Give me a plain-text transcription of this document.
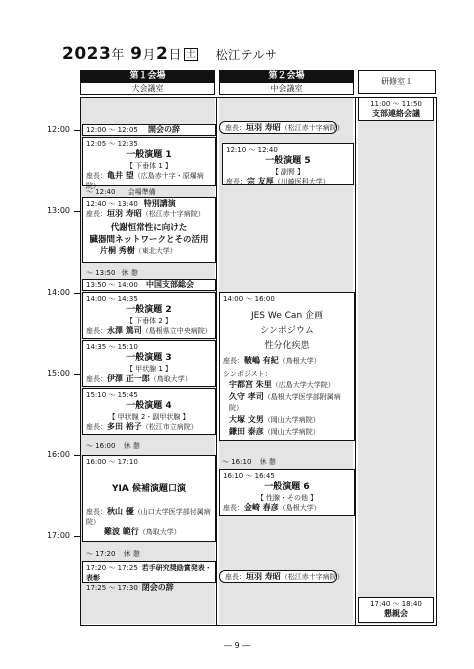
2023年 9月2日 土 松江テルサ
第１会場
大会議室
第２会場
中会議室
研修室１
12:00
13:00
14:00
15:00
16:00
17:00
12:00 ～ 12:05 開会の辞
12:05 ～ 12:35
一般演題 1
【 下垂体 1 】
座長：亀井 望（広島赤十字・原爆病院）
～ 12:40 会場準備
12:40 ～ 13:40 特別講演
座長：垣羽 寿昭（松江赤十字病院）
代謝恒常性に向けた
臓器間ネットワークとその活用
片桐 秀樹（東北大学）
～ 13:50 休 憩
13:50 ～ 14:00 中国支部総会
14:00 ～ 14:35
一般演題 2
【 下垂体 2 】
座長：永澤 篤司（島根県立中央病院）
14:35 ～ 15:10
一般演題 3
【 甲状腺 1 】
座長：伊澤 正一郎（鳥取大学）
15:10 ～ 15:45
一般演題 4
【 甲状腺 2・副甲状腺 】
座長：多田 裕子（松江市立病院）
～ 16:00 休 憩
16:00 ～ 17:10
YIA 候補演題口演
座長：秋山 優（山口大学医学部付属病院）
難波 範行（鳥取大学）
～ 17:20 休 憩
17:20 ～ 17:25 若手研究奨励賞発表・表彰
17:25 ～ 17:30 閉会の辞
座長：垣羽 寿昭（松江赤十字病院）
12:10 ～ 12:40
一般演題 5
【 副腎 】
座長：宗 友厚（川崎医科大学）
14:00 ～ 16:00
JES We Can 企画
シンポジウム
性分化疾患
座長：鞁嶋 有紀（鳥根大学）
シンポジスト：
宇都宮 朱里（広島大学大学院）
久守 孝司（島根大学医学部附属病院）
大塚 文男（岡山大学病院）
鎌田 泰彦（岡山大学病院）
～ 16:10 休 憩
16:10 ～ 16:45
一般演題 6
【 性腺・その他 】
座長：金崎 春彦（島根大学）
座長：垣羽 寿昭（松江赤十字病院）
11:00 ～ 11:50
支部連絡会議
17:40 ～ 18:40
懇親会
― 9 ―
